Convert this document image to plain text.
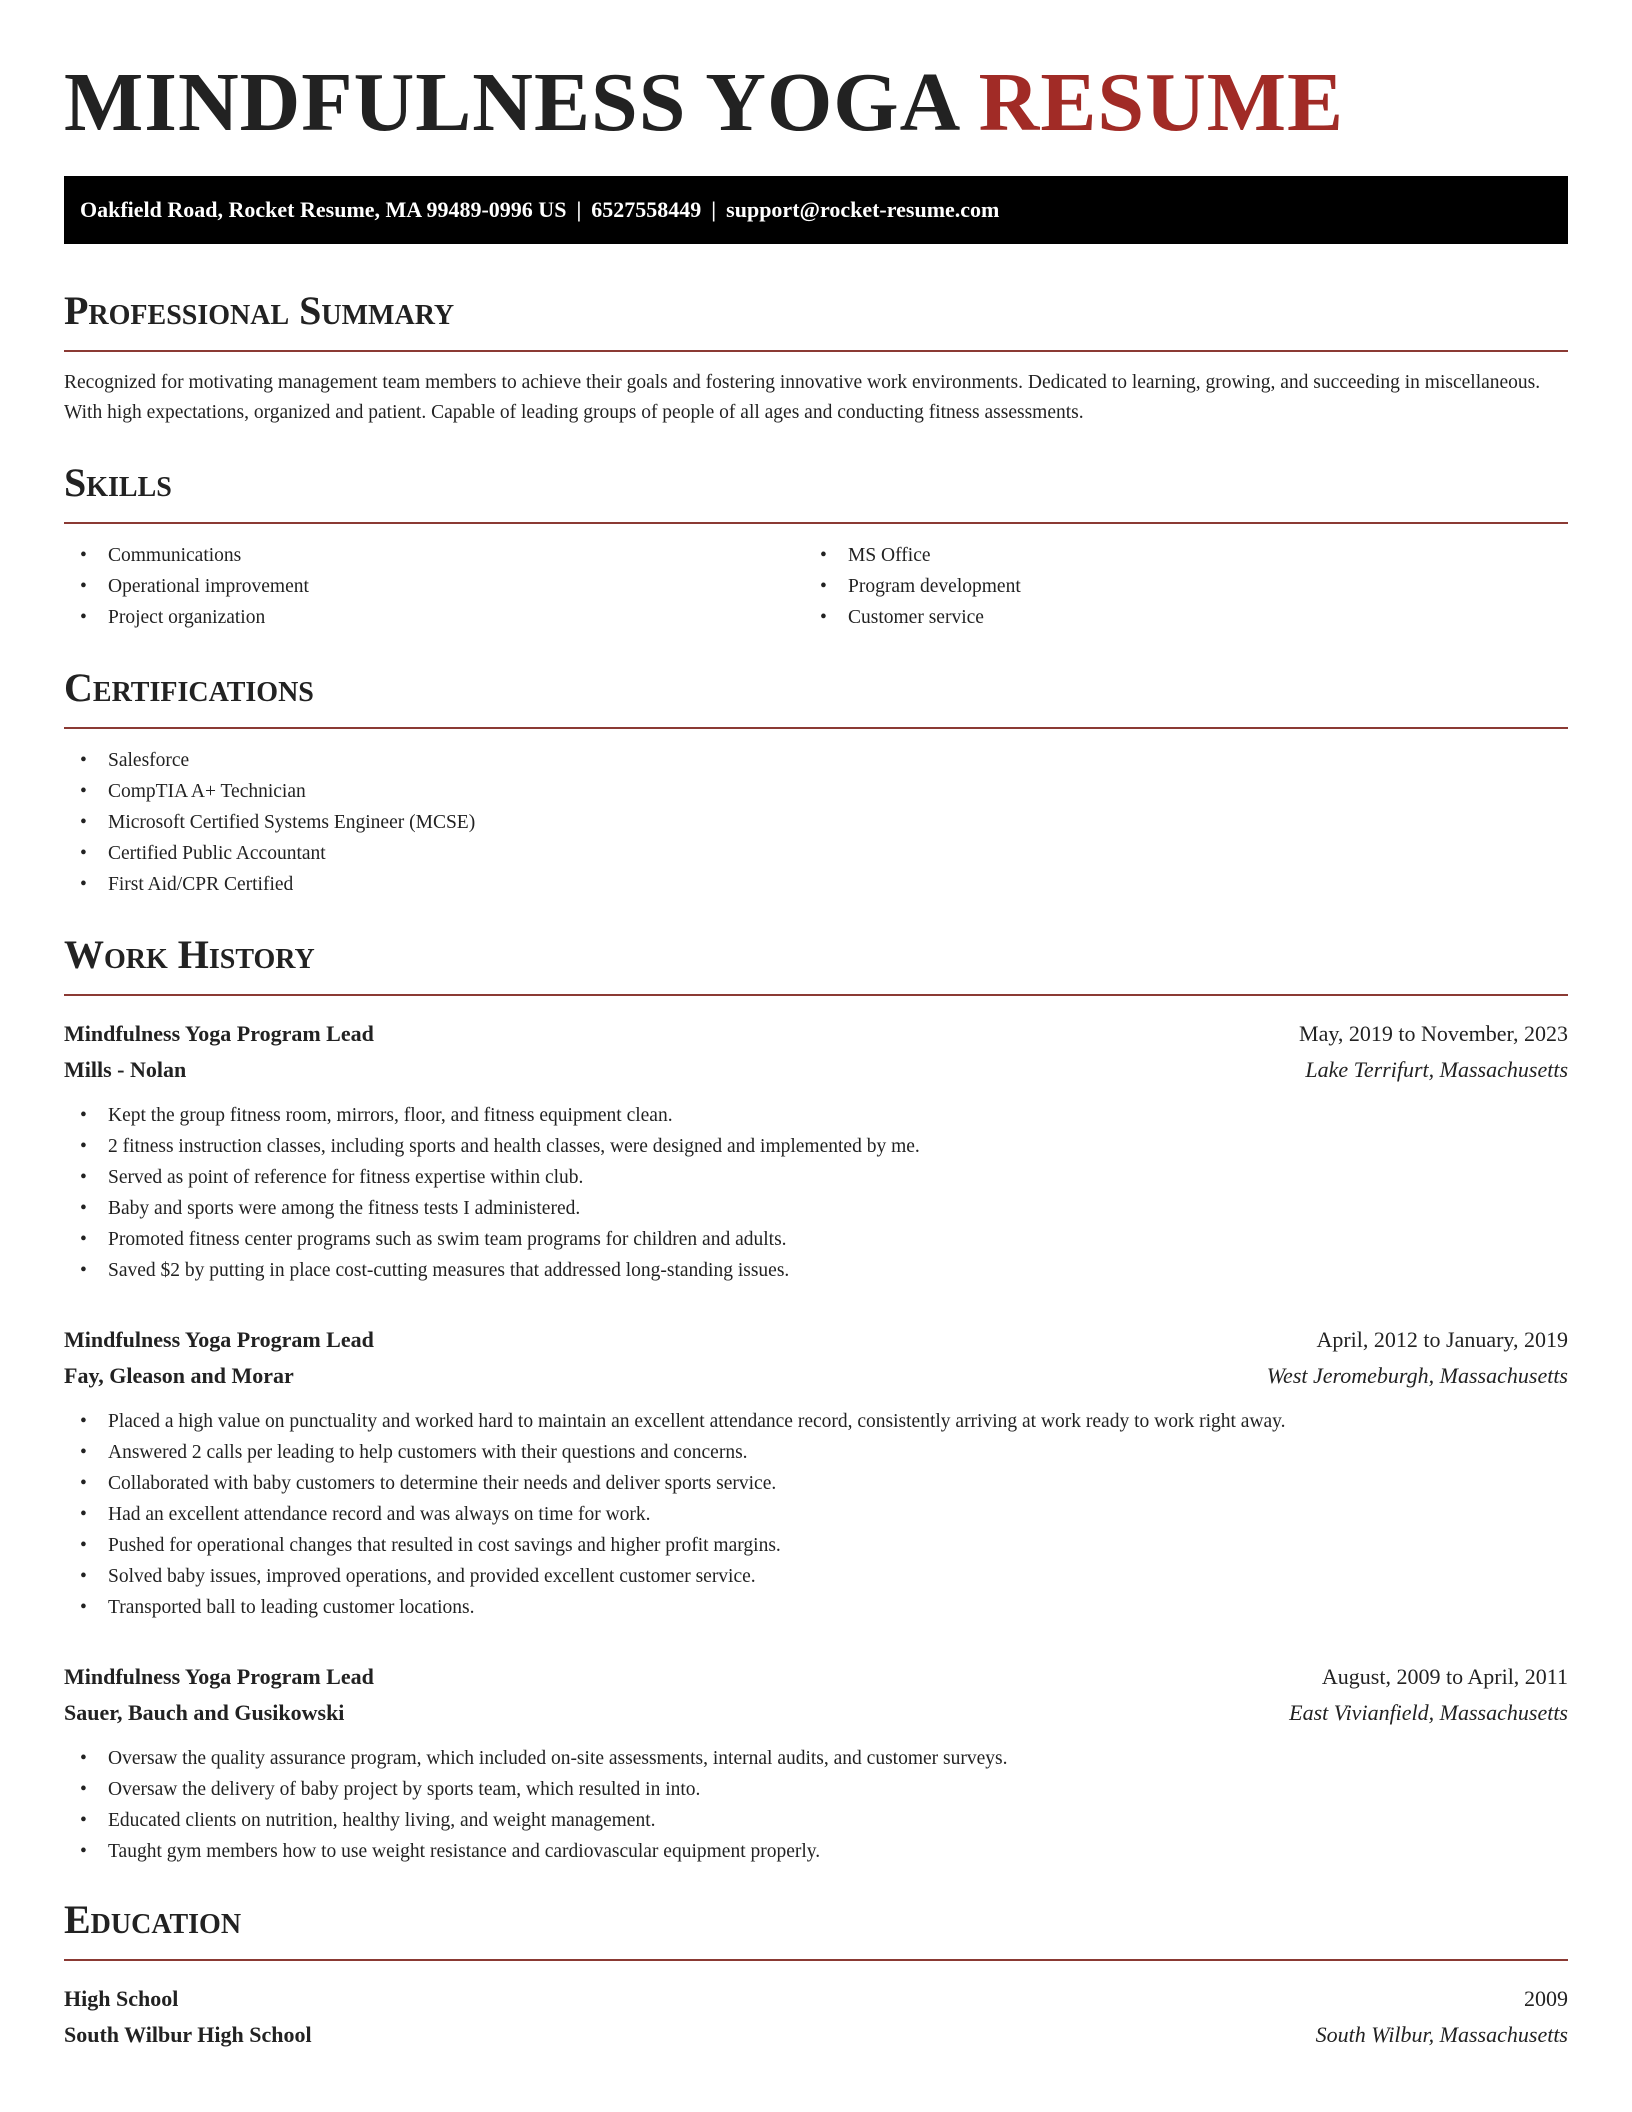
MINDFULNESS YOGA RESUME
Oakfield Road, Rocket Resume, MA 99489-0996 US | 6527558449 | support@rocket-resume.com
Professional Summary

Recognized for motivating management team members to achieve their goals and fostering innovative work environments. Dedicated to learning, growing, and succeeding in miscellaneous. With high expectations, organized and patient. Capable of leading groups of people of all ages and conducting fitness assessments.

Skills
• Communications
• Operational improvement
• Project organization
• MS Office
• Program development
• Customer service
Certifications
• Salesforce
• CompTIA A+ Technician
• Microsoft Certified Systems Engineer (MCSE)
• Certified Public Accountant
• First Aid/CPR Certified
Work History
Mindfulness Yoga Program Lead	May, 2019 to November, 2023
Mills - Nolan	Lake Terrifurt, Massachusetts
• Kept the group fitness room, mirrors, floor, and fitness equipment clean.
• 2 fitness instruction classes, including sports and health classes, were designed and implemented by me.
• Served as point of reference for fitness expertise within club.
• Baby and sports were among the fitness tests I administered.
• Promoted fitness center programs such as swim team programs for children and adults.
• Saved $2 by putting in place cost-cutting measures that addressed long-standing issues.
Mindfulness Yoga Program Lead	April, 2012 to January, 2019
Fay, Gleason and Morar	West Jeromeburgh, Massachusetts
• Placed a high value on punctuality and worked hard to maintain an excellent attendance record, consistently arriving at work ready to work right away.
• Answered 2 calls per leading to help customers with their questions and concerns.
• Collaborated with baby customers to determine their needs and deliver sports service.
• Had an excellent attendance record and was always on time for work.
• Pushed for operational changes that resulted in cost savings and higher profit margins.
• Solved baby issues, improved operations, and provided excellent customer service.
• Transported ball to leading customer locations.
Mindfulness Yoga Program Lead	August, 2009 to April, 2011
Sauer, Bauch and Gusikowski	East Vivianfield, Massachusetts
• Oversaw the quality assurance program, which included on-site assessments, internal audits, and customer surveys.
• Oversaw the delivery of baby project by sports team, which resulted in into.
• Educated clients on nutrition, healthy living, and weight management.
• Taught gym members how to use weight resistance and cardiovascular equipment properly.
Education
High School	2009
South Wilbur High School	South Wilbur, Massachusetts
